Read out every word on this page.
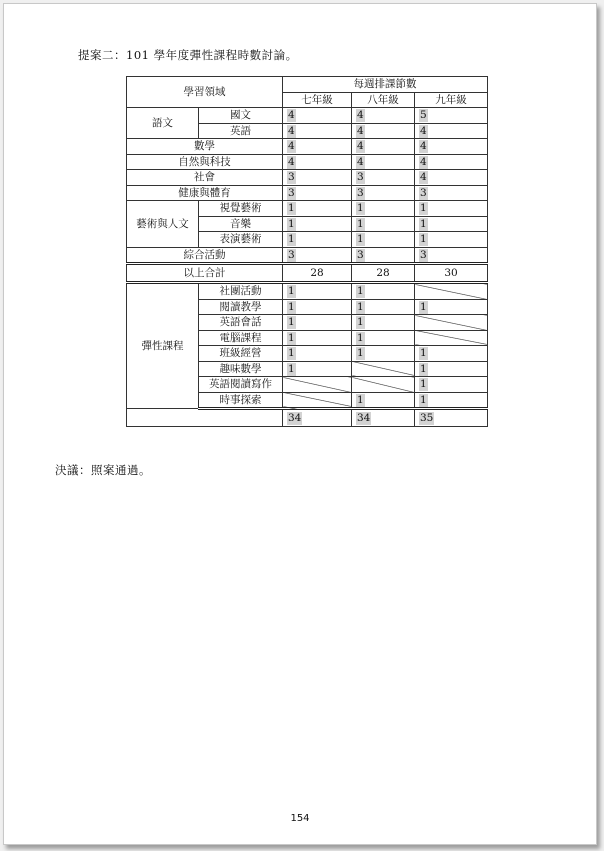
提案二：101 學年度彈性課程時數討論。
學習領域		每週排課節數		
		七年級	八年級	九年級
語文	國文	4	4	5
	英語	4	4	4
數學		4	4	4
自然與科技		4	4	4
社會		3	3	4
健康與體育		3	3	3
藝術與人文	視覺藝術	1	1	1
	音樂	1	1	1
	表演藝術	1	1	1
綜合活動		3	3	3
以上合計		28	28	30
彈性課程	社團活動	1	1	
	閱讀教學	1	1	1
	英語會話	1	1	
	電腦課程	1	1	
	班級經營	1	1	1
	趣味數學	1		1
	英語閱讀寫作			1
	時事探索		1	1
		34	34	35
決議：照案通過。
154
